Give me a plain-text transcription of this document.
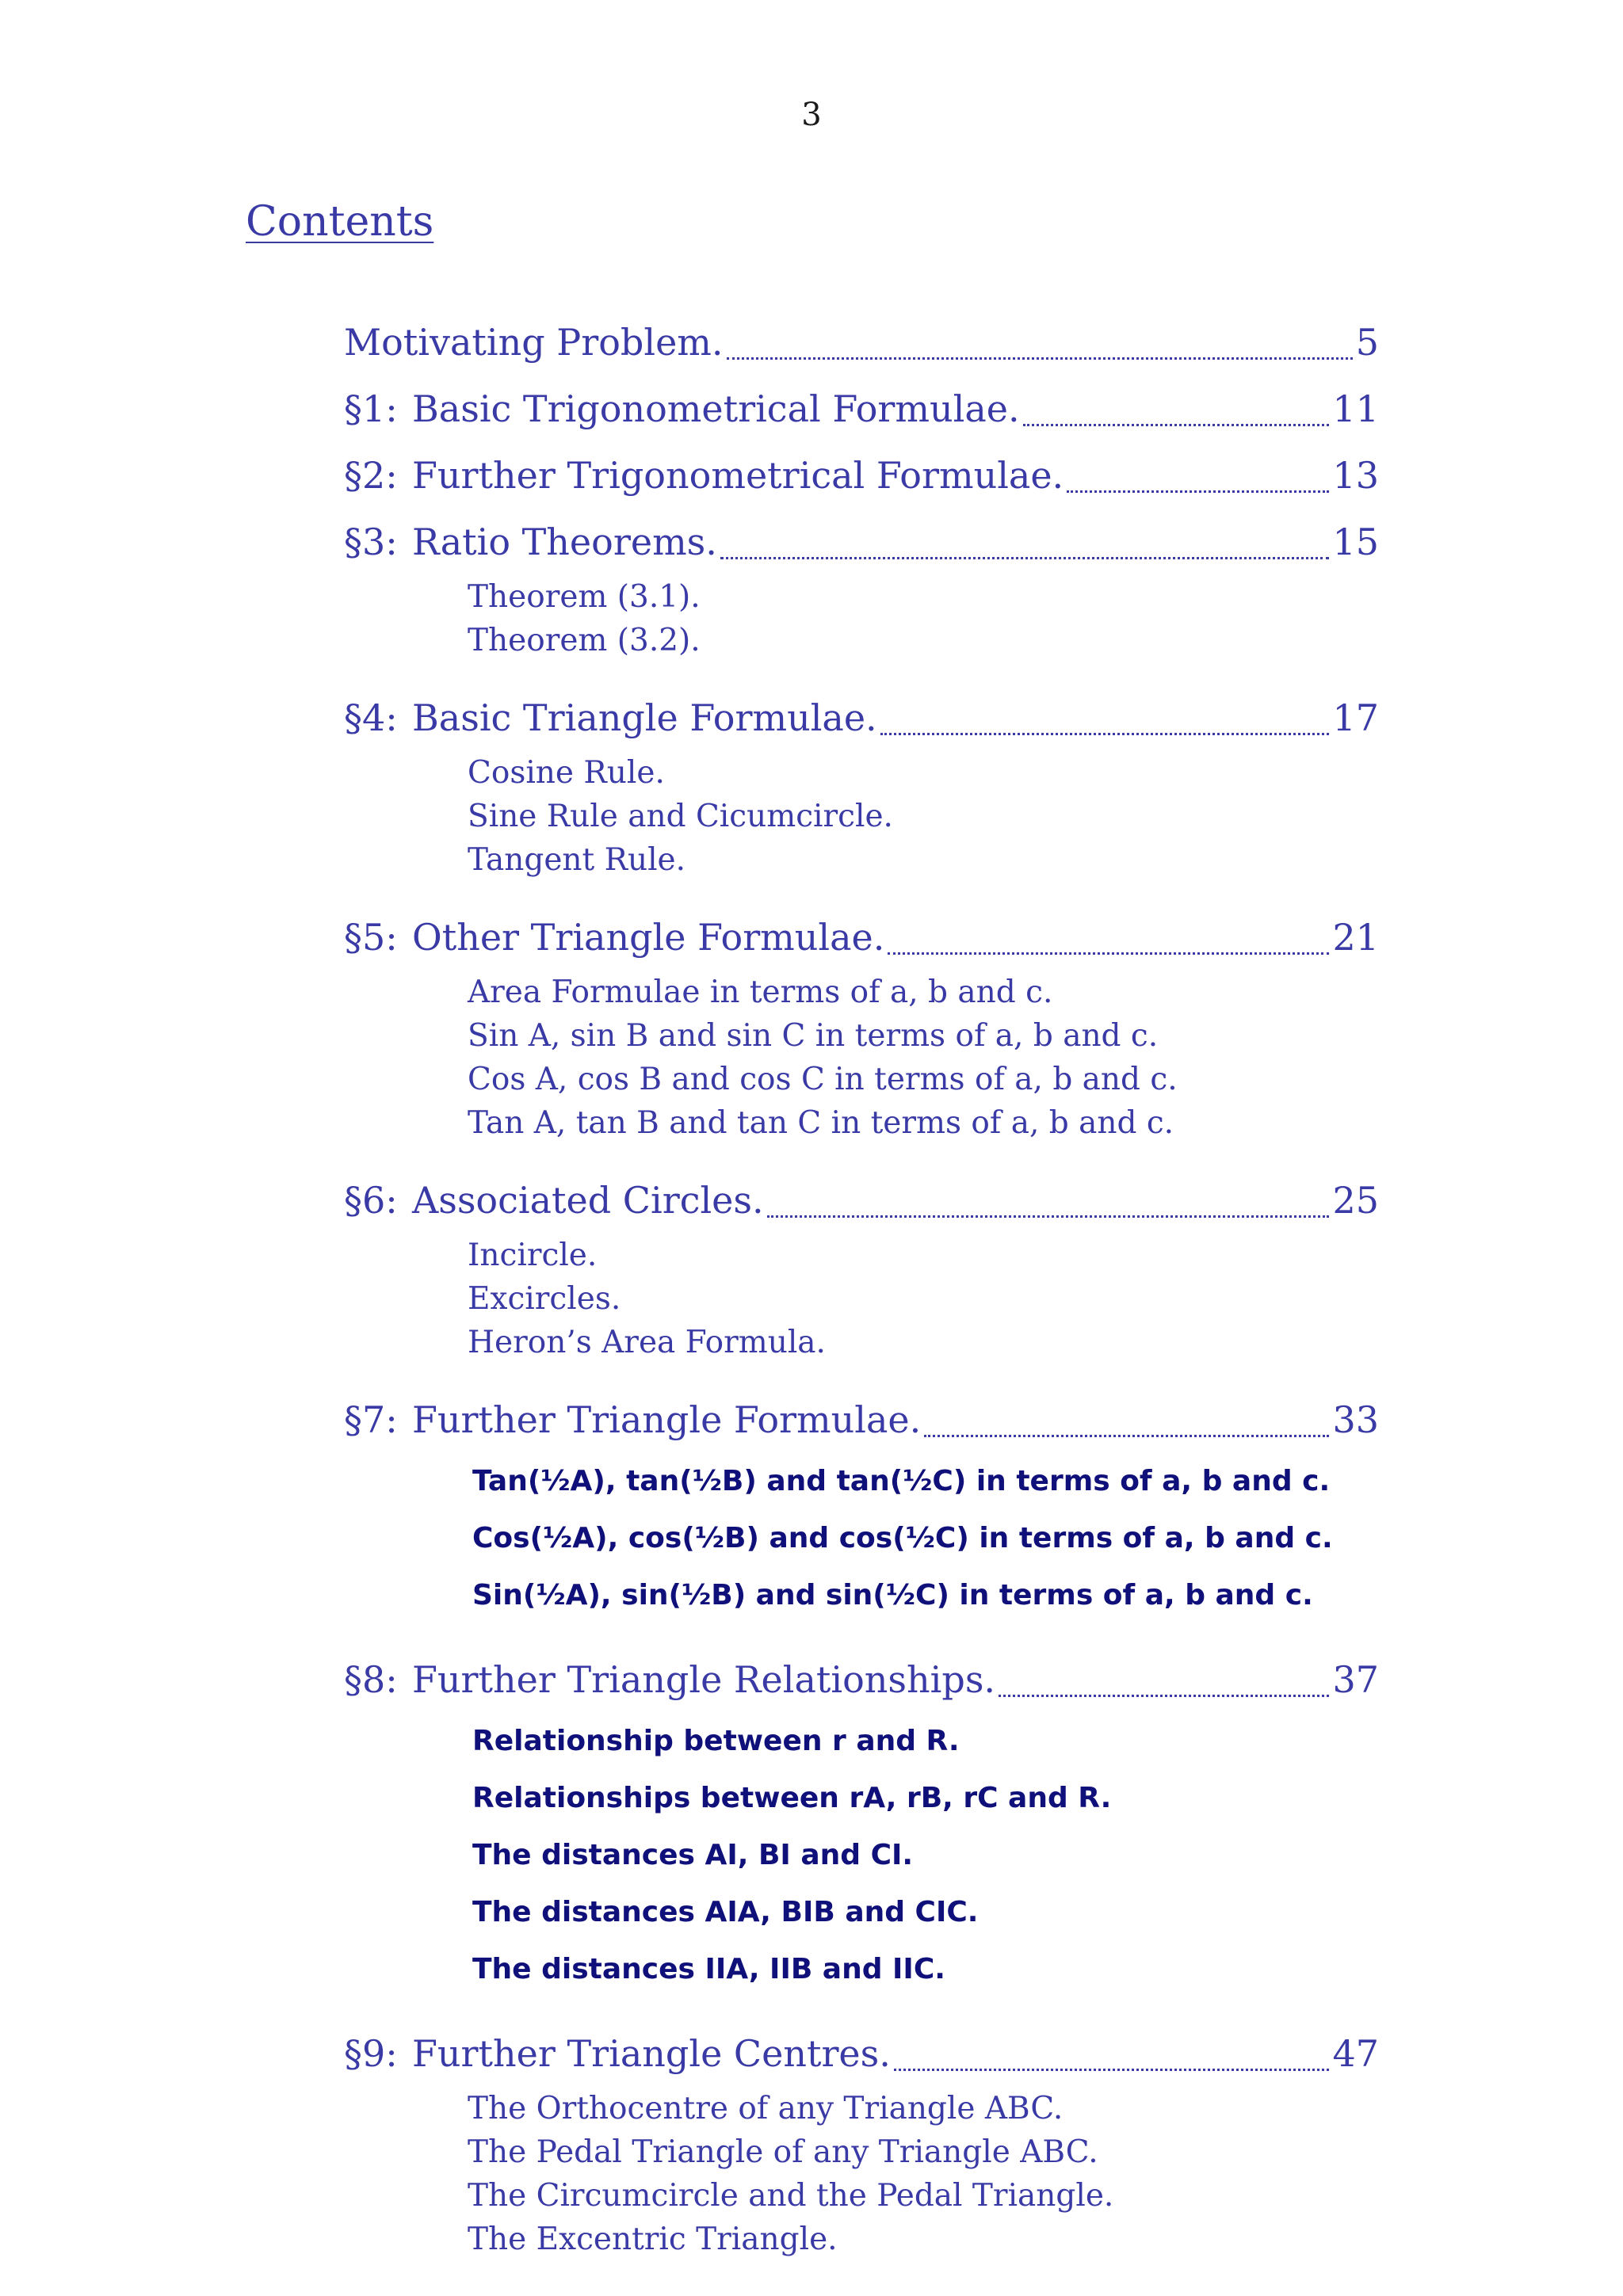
3
Contents
Motivating Problem.	5
§1: Basic Trigonometrical Formulae.	11
§2: Further Trigonometrical Formulae.	13
§3: Ratio Theorems.	15
Theorem (3.1).
Theorem (3.2).
§4: Basic Triangle Formulae.	17
Cosine Rule.
Sine Rule and Cicumcircle.
Tangent Rule.
§5: Other Triangle Formulae.	21
Area Formulae in terms of a, b and c.
Sin A, sin B and sin C in terms of a, b and c.
Cos A, cos B and cos C in terms of a, b and c.
Tan A, tan B and tan C in terms of a, b and c.
§6: Associated Circles.	25
Incircle.
Excircles.
Heron’s Area Formula.
§7: Further Triangle Formulae.	33
Tan(½A), tan(½B) and tan(½C) in terms of a, b and c.
Cos(½A), cos(½B) and cos(½C) in terms of a, b and c.
Sin(½A), sin(½B) and sin(½C) in terms of a, b and c.
§8: Further Triangle Relationships.	37
Relationship between r and R.
Relationships between rA, rB, rC and R.
The distances AI, BI and CI.
The distances AIA, BIB and CIC.
The distances IIA, IIB and IIC.
§9: Further Triangle Centres.	47
The Orthocentre of any Triangle ABC.
The Pedal Triangle of any Triangle ABC.
The Circumcircle and the Pedal Triangle.
The Excentric Triangle.
